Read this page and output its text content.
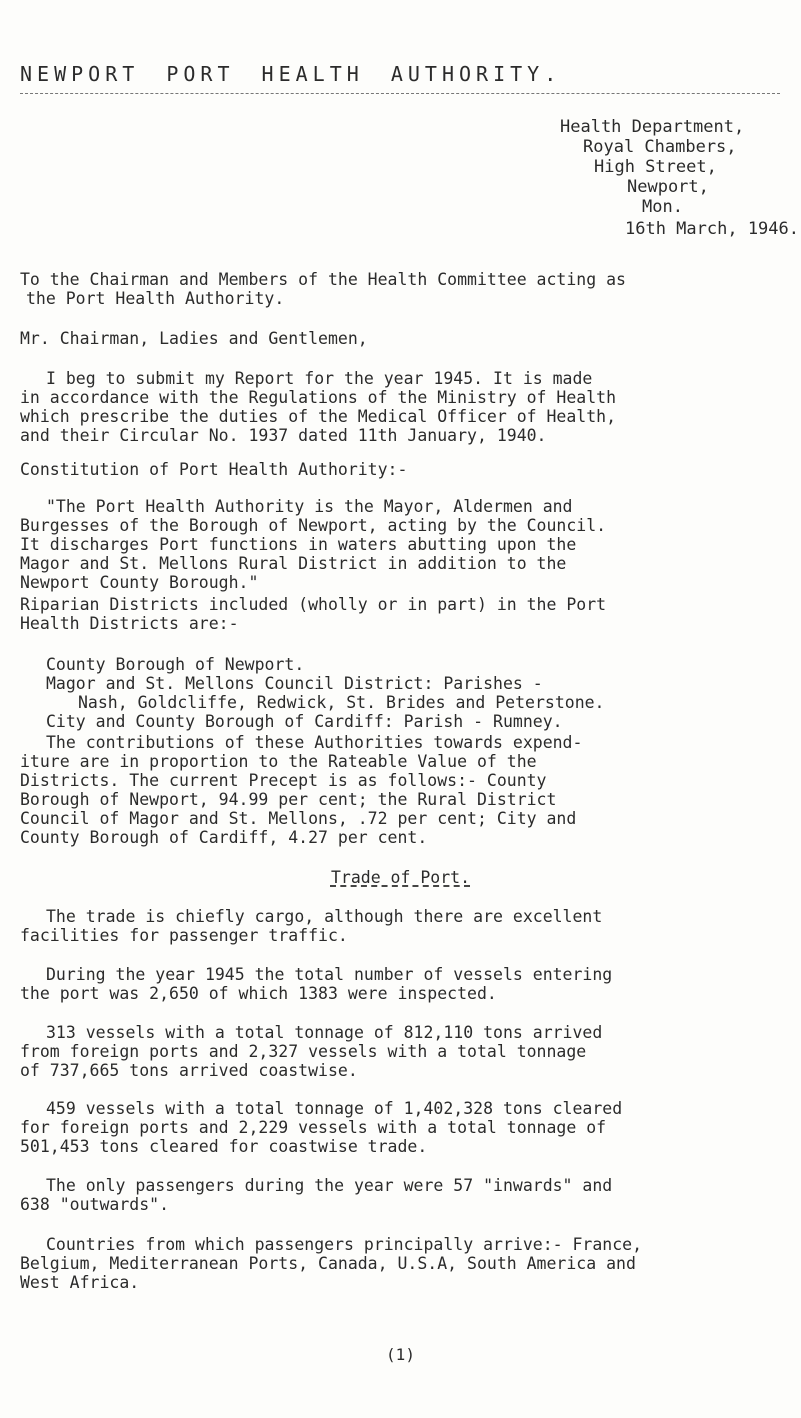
NEWPORT PORT HEALTH AUTHORITY.
Health Department,
Royal Chambers,
High Street,
Newport,
Mon.
16th March, 1946.
To the Chairman and Members of the Health Committee acting as
the Port Health Authority.
Mr. Chairman, Ladies and Gentlemen,
I beg to submit my Report for the year 1945. It is made
in accordance with the Regulations of the Ministry of Health
which prescribe the duties of the Medical Officer of Health,
and their Circular No. 1937 dated 11th January, 1940.
Constitution of Port Health Authority:-
"The Port Health Authority is the Mayor, Aldermen and
Burgesses of the Borough of Newport, acting by the Council.
It discharges Port functions in waters abutting upon the
Magor and St. Mellons Rural District in addition to the
Newport County Borough."
Riparian Districts included (wholly or in part) in the Port
Health Districts are:-
County Borough of Newport.
Magor and St. Mellons Council District: Parishes -
Nash, Goldcliffe, Redwick, St. Brides and Peterstone.
City and County Borough of Cardiff: Parish - Rumney.
The contributions of these Authorities towards expend-
iture are in proportion to the Rateable Value of the
Districts. The current Precept is as follows:- County
Borough of Newport, 94.99 per cent; the Rural District
Council of Magor and St. Mellons, .72 per cent; City and
County Borough of Cardiff, 4.27 per cent.
Trade of Port.
The trade is chiefly cargo, although there are excellent
facilities for passenger traffic.
During the year 1945 the total number of vessels entering
the port was 2,650 of which 1383 were inspected.
313 vessels with a total tonnage of 812,110 tons arrived
from foreign ports and 2,327 vessels with a total tonnage
of 737,665 tons arrived coastwise.
459 vessels with a total tonnage of 1,402,328 tons cleared
for foreign ports and 2,229 vessels with a total tonnage of
501,453 tons cleared for coastwise trade.
The only passengers during the year were 57 "inwards" and
638 "outwards".
Countries from which passengers principally arrive:- France,
Belgium, Mediterranean Ports, Canada, U.S.A, South America and
West Africa.
(1)
